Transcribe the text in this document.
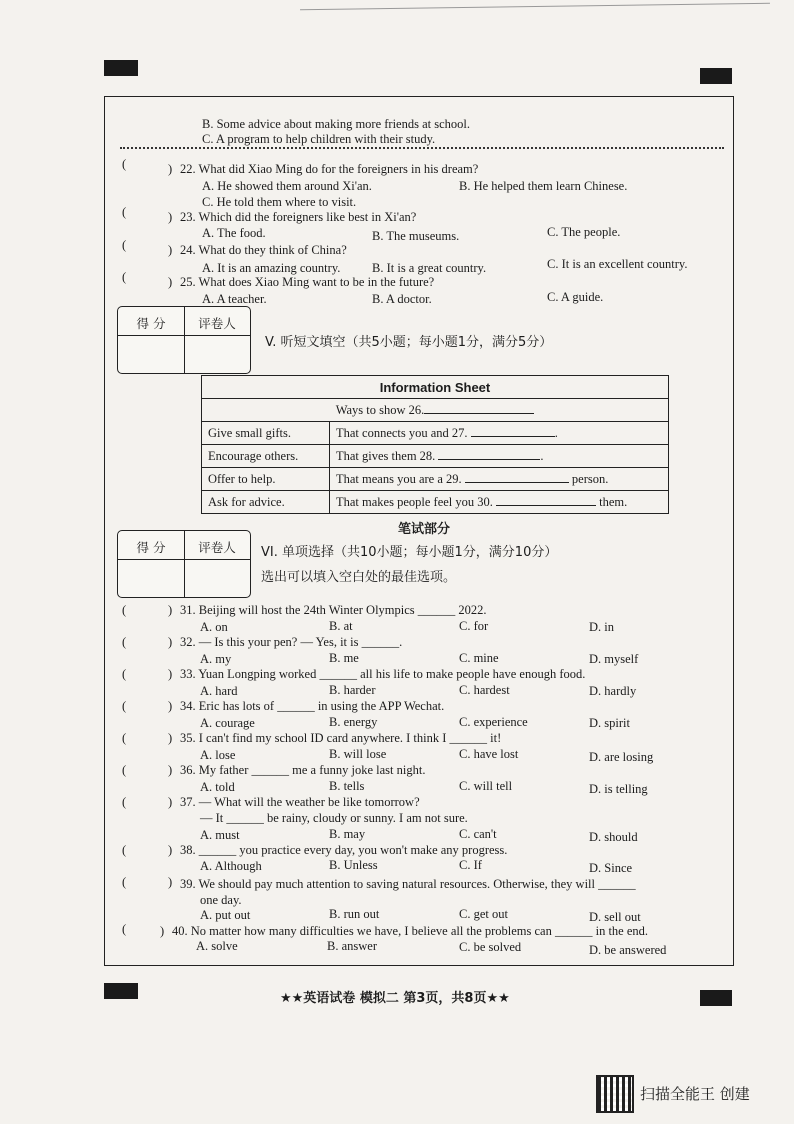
B. Some advice about making more friends at school.
C. A program to help children with their study.
(	) 22. What did Xiao Ming do for the foreigners in his dream?
A. He showed them around Xi'an.	B. He helped them learn Chinese.
C. He told them where to visit.
(	) 23. Which did the foreigners like best in Xi'an?
A. The food.	B. The museums.	C. The people.
(	) 24. What do they think of China?
A. It is an amazing country.	B. It is a great country.	C. It is an excellent country.
(	) 25. What does Xiao Ming want to be in the future?
A. A teacher.	B. A doctor.	C. A guide.
得 分	评卷人
V. 听短文填空（共5小题；每小题1分，满分5分）
Information Sheet	
Ways to show 26.	
Give small gifts.	That connects you and 27. .
Encourage others.	That gives them 28. .
Offer to help.	That means you are a 29. person.
Ask for advice.	That makes people feel you 30. them.
笔试部分
得 分	评卷人	VI. 单项选择（共10小题；每小题1分，满分10分）
选出可以填入空白处的最佳选项。
(	) 31. Beijing will host the 24th Winter Olympics ______ 2022.
A. on	B. at	C. for	D. in
(	) 32. — Is this your pen? — Yes, it is ______.
A. my	B. me	C. mine	D. myself
(	) 33. Yuan Longping worked ______ all his life to make people have enough food.
A. hard	B. harder	C. hardest	D. hardly
(	) 34. Eric has lots of ______ in using the APP Wechat.
A. courage	B. energy	C. experience	D. spirit
(	) 35. I can't find my school ID card anywhere. I think I ______ it!
A. lose	B. will lose	C. have lost	D. are losing
(	) 36. My father ______ me a funny joke last night.
A. told	B. tells	C. will tell	D. is telling
(	) 37. — What will the weather be like tomorrow?
— It ______ be rainy, cloudy or sunny. I am not sure.
A. must	B. may	C. can't	D. should
(	) 38. ______ you practice every day, you won't make any progress.
A. Although	B. Unless	C. If	D. Since
(	) 39. We should pay much attention to saving natural resources. Otherwise, they will ______
one day.
A. put out	B. run out	C. get out	D. sell out
(	) 40. No matter how many difficulties we have, I believe all the problems can ______ in the end.
A. solve	B. answer	C. be solved	D. be answered
★★英语试卷 模拟二 第3页，共8页★★
扫描全能王 创建
